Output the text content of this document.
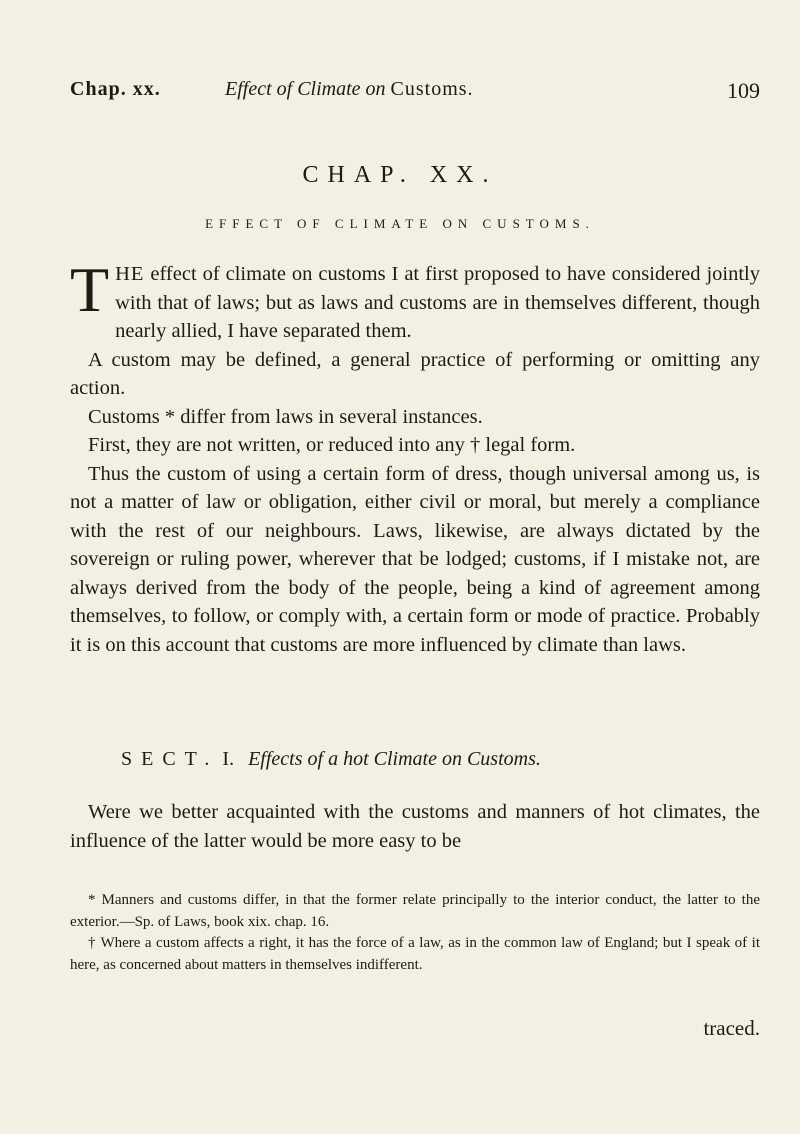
Chap. xx.	Effect of Climate on Customs.	109
CHAP. XX.
EFFECT OF CLIMATE ON CUSTOMS.

THE effect of climate on customs I at first proposed to have considered jointly with that of laws; but as laws and customs are in themselves different, though nearly allied, I have separated them.

A custom may be defined, a general practice of performing or omitting any action.

Customs * differ from laws in several instances.

First, they are not written, or reduced into any † legal form.

Thus the custom of using a certain form of dress, though universal among us, is not a matter of law or obligation, either civil or moral, but merely a compliance with the rest of our neighbours. Laws, likewise, are always dictated by the sovereign or ruling power, wherever that be lodged; customs, if I mistake not, are always derived from the body of the people, being a kind of agreement among themselves, to follow, or comply with, a certain form or mode of practice. Probably it is on this account that customs are more influenced by climate than laws.

SECT. I. Effects of a hot Climate on Customs.

Were we better acquainted with the customs and manners of hot climates, the influence of the latter would be more easy to be

* Manners and customs differ, in that the former relate principally to the interior conduct, the latter to the exterior.—Sp. of Laws, book xix. chap. 16.

† Where a custom affects a right, it has the force of a law, as in the common law of England; but I speak of it here, as concerned about matters in themselves indifferent.

traced.
